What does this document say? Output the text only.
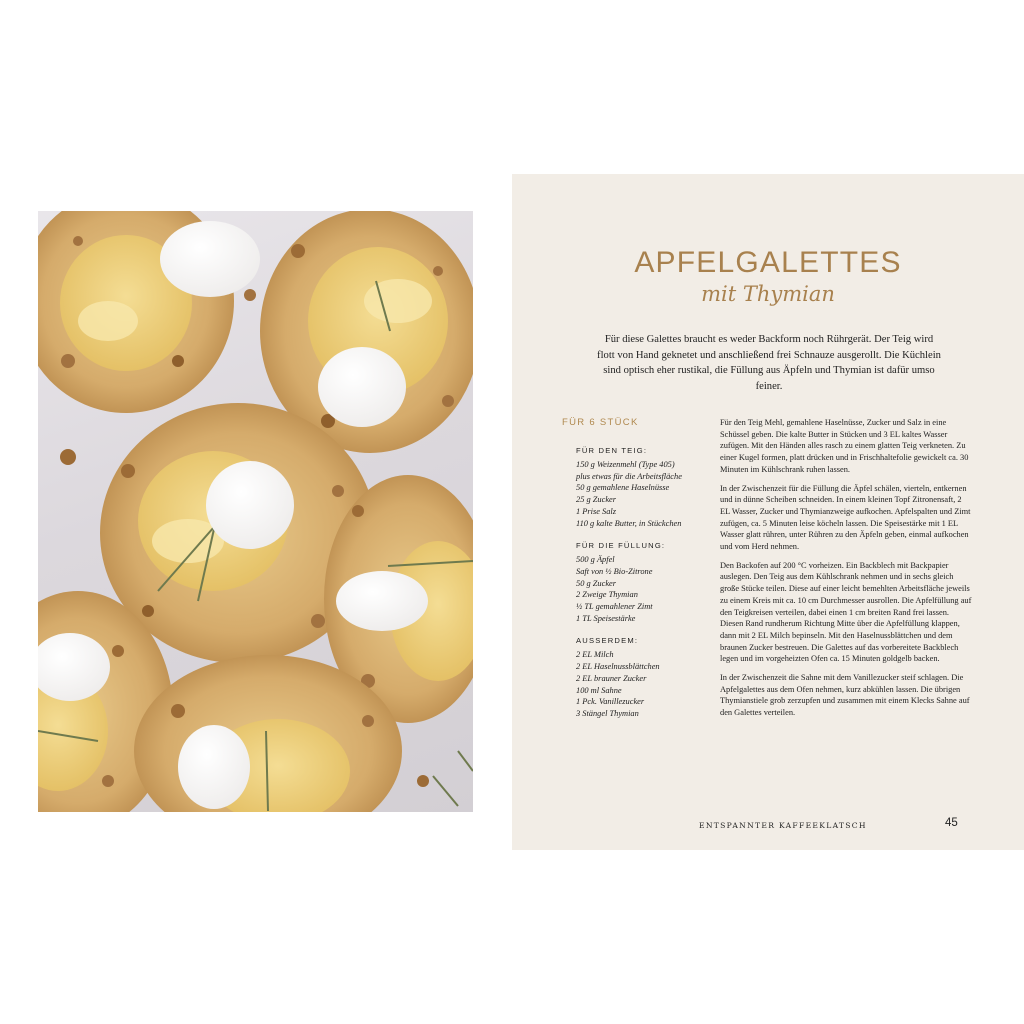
APFELGALETTES
mit Thymian

Für diese Galettes braucht es weder Backform noch Rührgerät. Der Teig wird flott von Hand geknetet und anschließend frei Schnauze ausgerollt. Die Küchlein sind optisch eher rustikal, die Füllung aus Äpfeln und Thymian ist dafür umso feiner.

FÜR 6 STÜCK
FÜR DEN TEIG:
150 g Weizenmehl (Type 405)
plus etwas für die Arbeitsfläche
50 g gemahlene Haselnüsse
25 g Zucker
1 Prise Salz
110 g kalte Butter, in Stückchen
FÜR DIE FÜLLUNG:
500 g Äpfel
Saft von ½ Bio-Zitrone
50 g Zucker
2 Zweige Thymian
½ TL gemahlener Zimt
1 TL Speisestärke
AUSSERDEM:
2 EL Milch
2 EL Haselnussblättchen
2 EL brauner Zucker
100 ml Sahne
1 Pck. Vanillezucker
3 Stängel Thymian

Für den Teig Mehl, gemahlene Haselnüsse, Zucker und Salz in eine Schüssel geben. Die kalte Butter in Stücken und 3 EL kaltes Wasser zufügen. Mit den Händen alles rasch zu einem glatten Teig verkneten. Zu einer Kugel formen, platt drücken und in Frischhaltefolie gewickelt ca. 30 Minuten im Kühlschrank ruhen lassen.

In der Zwischenzeit für die Füllung die Äpfel schälen, vierteln, entkernen und in dünne Scheiben schneiden. In einem kleinen Topf Zitronensaft, 2 EL Wasser, Zucker und Thymianzweige aufkochen. Apfelspalten und Zimt zufügen, ca. 5 Minuten leise köcheln lassen. Die Speisestärke mit 1 EL Wasser glatt rühren, unter Rühren zu den Äpfeln geben, einmal aufkochen und vom Herd nehmen.

Den Backofen auf 200 °C vorheizen. Ein Backblech mit Backpapier auslegen. Den Teig aus dem Kühlschrank nehmen und in sechs gleich große Stücke teilen. Diese auf einer leicht bemehlten Arbeitsfläche jeweils zu einem Kreis mit ca. 10 cm Durchmesser ausrollen. Die Apfelfüllung auf den Teigkreisen verteilen, dabei einen 1 cm breiten Rand frei lassen. Diesen Rand rundherum Richtung Mitte über die Apfelfüllung klappen, dann mit 2 EL Milch bepinseln. Mit den Haselnussblättchen und dem braunen Zucker bestreuen. Die Galettes auf das vorbereitete Backblech legen und im vorgeheizten Ofen ca. 15 Minuten goldgelb backen.

In der Zwischenzeit die Sahne mit dem Vanillezucker steif schlagen. Die Apfelgalettes aus dem Ofen nehmen, kurz abkühlen lassen. Die übrigen Thymianstiele grob zerzupfen und zusammen mit einem Klecks Sahne auf den Galettes verteilen.

ENTSPANNTER KAFFEEKLATSCH	45
